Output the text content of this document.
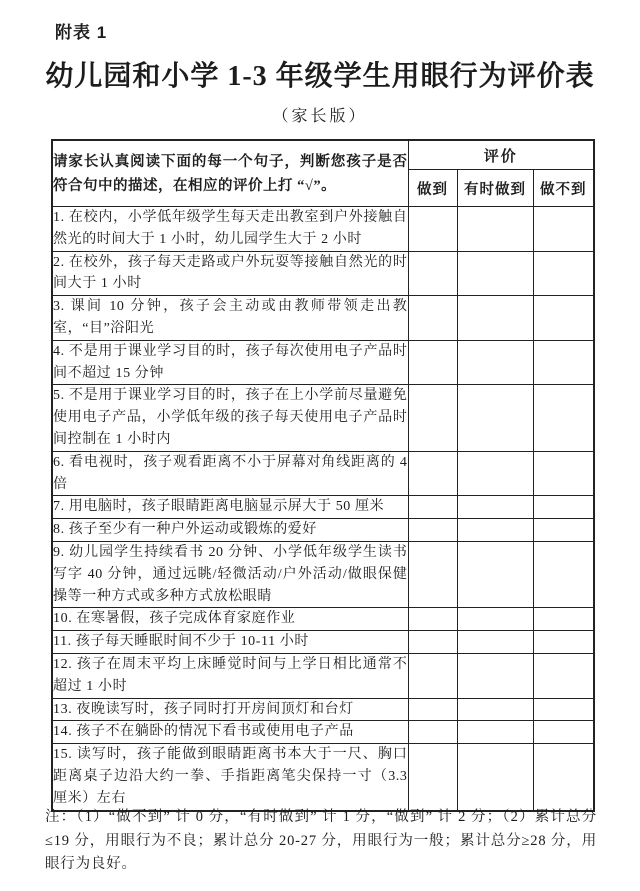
附表 1
幼儿园和小学 1-3 年级学生用眼行为评价表
（家长版）
请家长认真阅读下面的每一个句子，判断您孩子是否符合句中的描述，在相应的评价上打 “√”。	评价		
	做到	有时做到	做不到
1. 在校内，小学低年级学生每天走出教室到户外接触自然光的时间大于 1 小时，幼儿园学生大于 2 小时			
2. 在校外，孩子每天走路或户外玩耍等接触自然光的时间大于 1 小时			
3. 课间 10 分钟，孩子会主动或由教师带领走出教室，“目”浴阳光			
4. 不是用于课业学习目的时，孩子每次使用电子产品时间不超过 15 分钟			
5. 不是用于课业学习目的时，孩子在上小学前尽量避免使用电子产品，小学低年级的孩子每天使用电子产品时间控制在 1 小时内			
6. 看电视时，孩子观看距离不小于屏幕对角线距离的 4 倍			
7. 用电脑时，孩子眼睛距离电脑显示屏大于 50 厘米			
8. 孩子至少有一种户外运动或锻炼的爱好			
9. 幼儿园学生持续看书 20 分钟、小学低年级学生读书写字 40 分钟，通过远眺/轻微活动/户外活动/做眼保健操等一种方式或多种方式放松眼睛			
10. 在寒暑假，孩子完成体育家庭作业			
11. 孩子每天睡眠时间不少于 10-11 小时			
12. 孩子在周末平均上床睡觉时间与上学日相比通常不超过 1 小时			
13. 夜晚读写时，孩子同时打开房间顶灯和台灯			
14. 孩子不在躺卧的情况下看书或使用电子产品			
15. 读写时，孩子能做到眼睛距离书本大于一尺、胸口距离桌子边沿大约一拳、手指距离笔尖保持一寸（3.3 厘米）左右			

注：（1）“做不到” 计 0 分，“有时做到” 计 1 分，“做到” 计 2 分；（2）累计总分≤19 分，用眼行为不良；累计总分 20-27 分，用眼行为一般；累计总分≥28 分，用眼行为良好。
